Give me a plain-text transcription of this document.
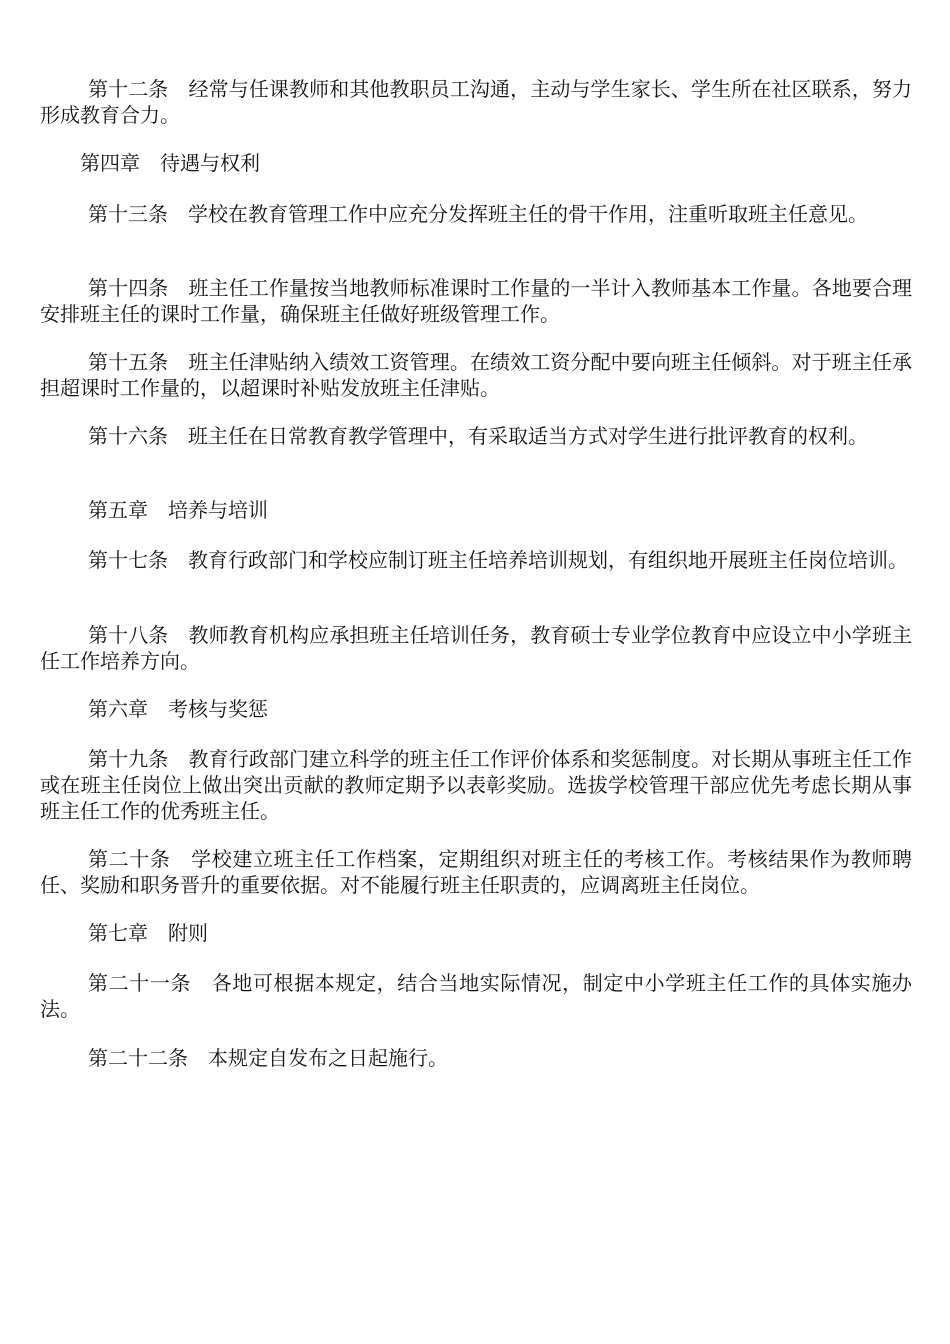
第十二条　 经常与任课教师和其他教职员工沟通，主动与学生家长、学生所在社区联系，努力形成教育合力。

第四章　 待遇与权利

第十三条　 学校在教育管理工作中应充分发挥班主任的骨干作用，注重听取班主任意见。

第十四条　 班主任工作量按当地教师标准课时工作量的一半计入教师基本工作量。各地要合理安排班主任的课时工作量，确保班主任做好班级管理工作。

第十五条　 班主任津贴纳入绩效工资管理。在绩效工资分配中要向班主任倾斜。对于班主任承担超课时工作量的，以超课时补贴发放班主任津贴。

第十六条　 班主任在日常教育教学管理中，有采取适当方式对学生进行批评教育的权利。

第五章　 培养与培训

第十七条　 教育行政部门和学校应制订班主任培养培训规划，有组织地开展班主任岗位培训。

第十八条　 教师教育机构应承担班主任培训任务，教育硕士专业学位教育中应设立中小学班主任工作培养方向。

第六章　 考核与奖惩

第十九条　 教育行政部门建立科学的班主任工作评价体系和奖惩制度。对长期从事班主任工作或在班主任岗位上做出突出贡献的教师定期予以表彰奖励。选拔学校管理干部应优先考虑长期从事班主任工作的优秀班主任。

第二十条　 学校建立班主任工作档案，定期组织对班主任的考核工作。考核结果作为教师聘任、奖励和职务晋升的重要依据。对不能履行班主任职责的，应调离班主任岗位。

第七章　 附则

第二十一条　 各地可根据本规定，结合当地实际情况，制定中小学班主任工作的具体实施办法。

第二十二条　 本规定自发布之日起施行。
